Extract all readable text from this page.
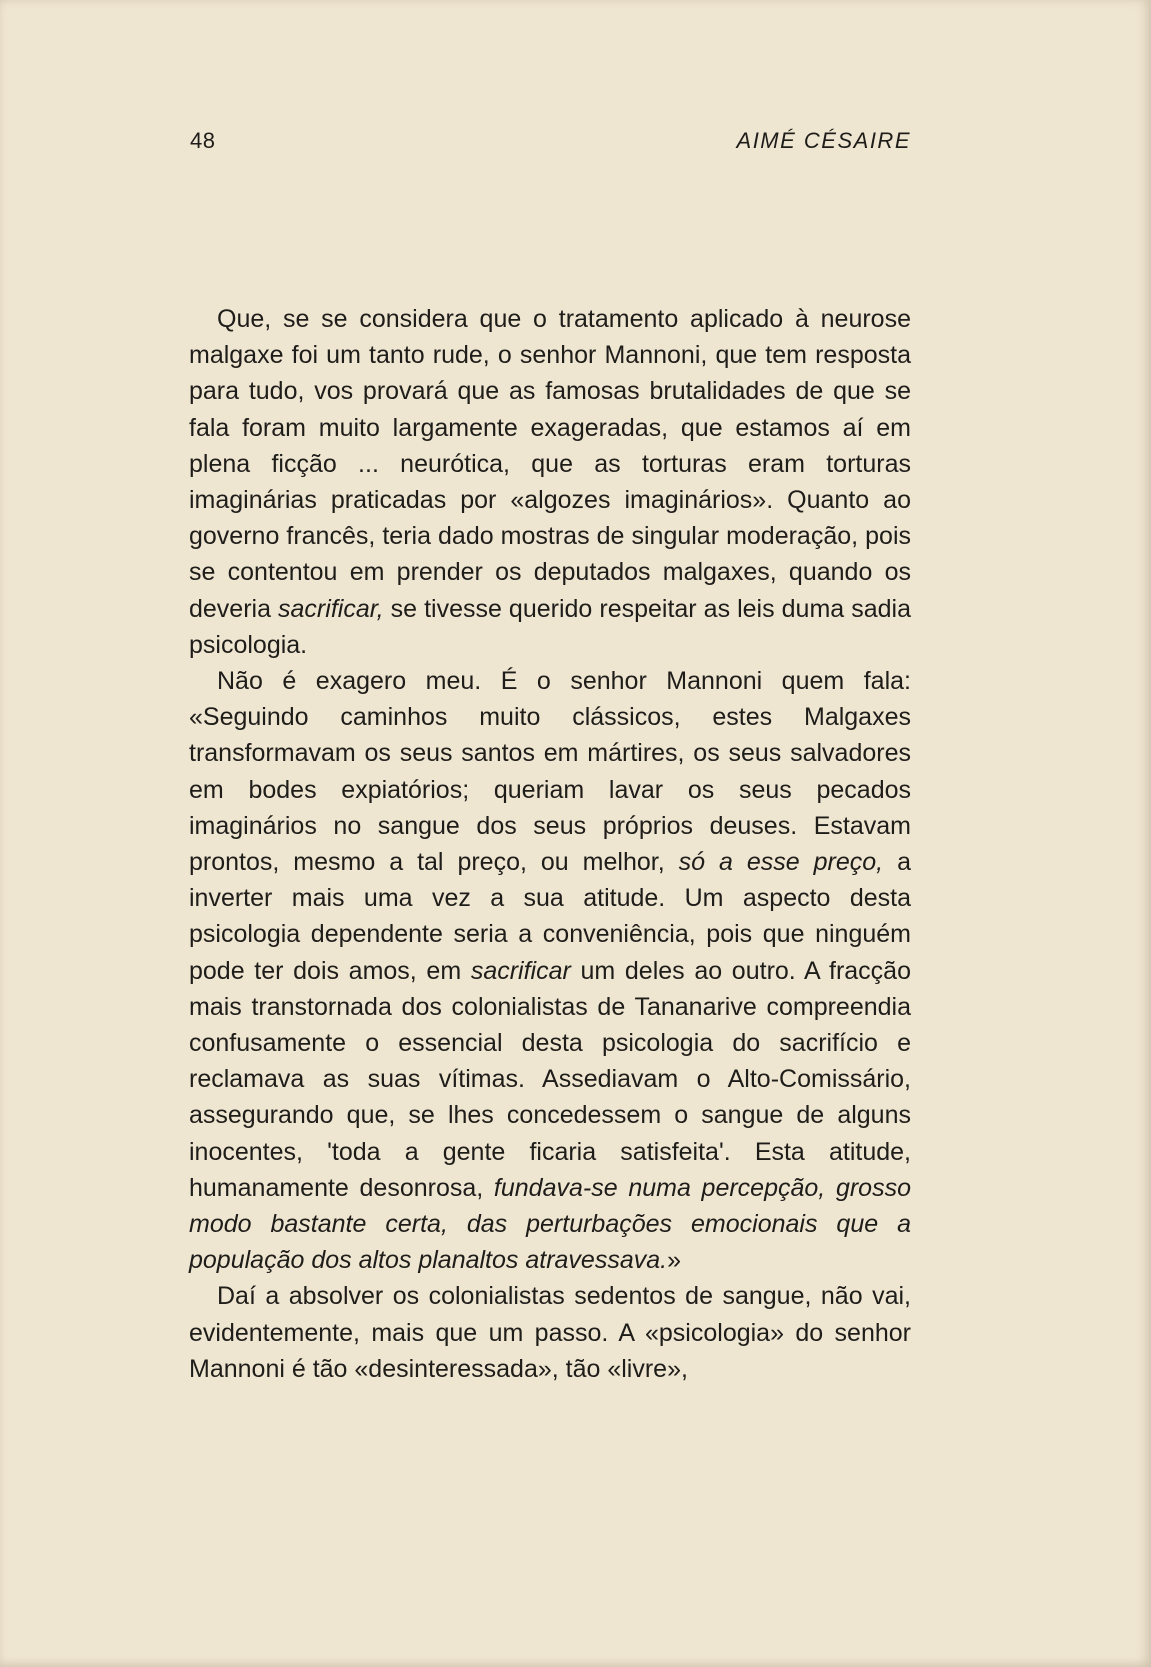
48	AIMÉ CÉSAIRE

Que, se se considera que o tratamento aplicado à neurose malgaxe foi um tanto rude, o senhor Mannoni, que tem resposta para tudo, vos provará que as famosas brutalidades de que se fala foram muito largamente exageradas, que estamos aí em plena ficção ... neurótica, que as torturas eram torturas imaginárias praticadas por «algozes imaginários». Quanto ao governo francês, teria dado mostras de singular moderação, pois se contentou em prender os deputados malgaxes, quando os deveria sacrificar, se tivesse querido respeitar as leis duma sadia psicologia.

Não é exagero meu. É o senhor Mannoni quem fala: «Seguindo caminhos muito clássicos, estes Malgaxes transformavam os seus santos em mártires, os seus salvadores em bodes expiatórios; queriam lavar os seus pecados imaginários no sangue dos seus próprios deuses. Estavam prontos, mesmo a tal preço, ou melhor, só a esse preço, a inverter mais uma vez a sua atitude. Um aspecto desta psicologia dependente seria a conveniência, pois que ninguém pode ter dois amos, em sacrificar um deles ao outro. A fracção mais transtornada dos colonialistas de Tananarive compreendia confusamente o essencial desta psicologia do sacrifício e reclamava as suas vítimas. Assediavam o Alto-Comissário, assegurando que, se lhes concedessem o sangue de alguns inocentes, 'toda a gente ficaria satisfeita'. Esta atitude, humanamente desonrosa, fundava-se numa percepção, grosso modo bastante certa, das perturbações emocionais que a população dos altos planaltos atravessava.»

Daí a absolver os colonialistas sedentos de sangue, não vai, evidentemente, mais que um passo. A «psicologia» do senhor Mannoni é tão «desinteressada», tão «livre»,
